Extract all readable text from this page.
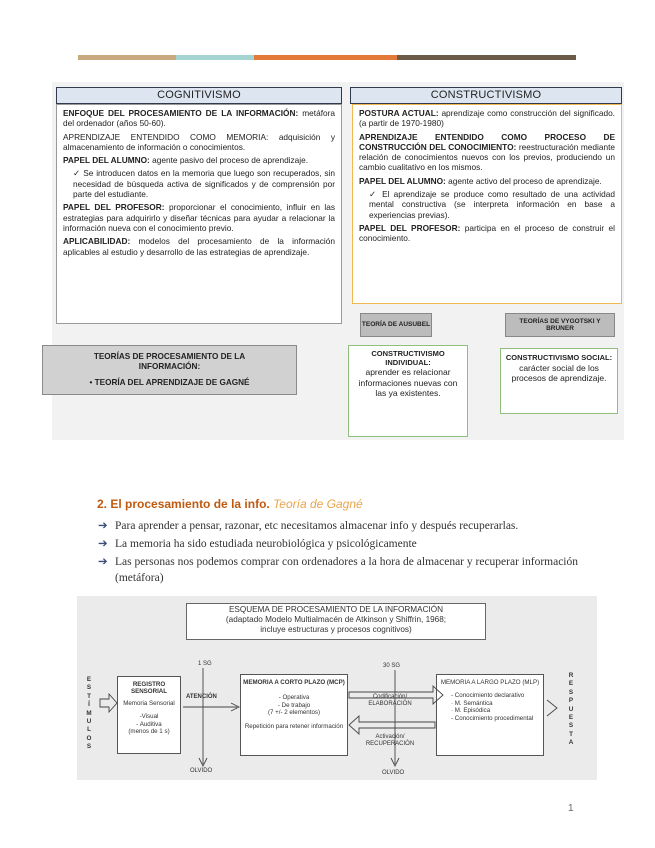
COGNITIVISMO

ENFOQUE DEL PROCESAMIENTO DE LA INFORMACIÓN: metáfora del ordenador (años 50-60).

APRENDIZAJE ENTENDIDO COMO MEMORIA: adquisición y almacenamiento de información o conocimientos.

PAPEL DEL ALUMNO: agente pasivo del proceso de aprendizaje.

✓ Se introducen datos en la memoria que luego son recuperados, sin necesidad de búsqueda activa de significados y de comprensión por parte del estudiante.

PAPEL DEL PROFESOR: proporcionar el conocimiento, influir en las estrategias para adquirirlo y diseñar técnicas para ayudar a relacionar la información nueva con el conocimiento previo.

APLICABILIDAD: modelos del procesamiento de la información aplicables al estudio y desarrollo de las estrategias de aprendizaje.

CONSTRUCTIVISMO

POSTURA ACTUAL: aprendizaje como construcción del significado. (a partir de 1970-1980)

APRENDIZAJE ENTENDIDO COMO PROCESO DE CONSTRUCCIÓN DEL CONOCIMIENTO: reestructuración mediante relación de conocimientos nuevos con los previos, produciendo un cambio cualitativo en los mismos.

PAPEL DEL ALUMNO: agente activo del proceso de aprendizaje.

✓ El aprendizaje se produce como resultado de una actividad mental constructiva (se interpreta información en base a experiencias previas).

PAPEL DEL PROFESOR: participa en el proceso de construir el conocimiento.

TEORÍA DE AUSUBEL
TEORÍAS DE VYGOTSKI Y BRUNER
TEORÍAS DE PROCESAMIENTO DE LA INFORMACIÓN:
• TEORÍA DEL APRENDIZAJE DE GAGNÉ
CONSTRUCTIVISMO INDIVIDUAL:
aprender es relacionar informaciones nuevas con las ya existentes.
CONSTRUCTIVISMO SOCIAL:
carácter social de los procesos de aprendizaje.
2. El procesamiento de la info. Teoría de Gagné
➔ Para aprender a pensar, razonar, etc necesitamos almacenar info y después recuperarlas.
➔ La memoria ha sido estudiada neurobiológica y psicológicamente
➔ Las personas nos podemos comprar con ordenadores a la hora de almacenar y recuperar información (metáfora)
ESQUEMA DE PROCESAMIENTO DE LA INFORMACIÓN
(adaptado Modelo Multialmacén de Atkinson y Shiffrin, 1968;
incluye estructuras y procesos cognitivos)
E
S
T
Í
M
U
L
O
S
R
E
S
P
U
E
S
T
A
REGISTRO SENSORIAL
Memoria Sensorial
-Visual
- Auditiva
(menos de 1 s)
1 SG
ATENCIÓN
OLVIDO
MEMORIA A CORTO PLAZO (MCP)
- Operativa
- De trabajo
(7 +/- 2 elementos)
Repetición para retener información
30 SG
Codificación/ ELABORACIÓN
Activación/ RECUPERACIÓN
OLVIDO
MEMORIA A LARGO PLAZO (MLP)
- Conocimiento declarativo
· M. Semántica
· M. Episódica
- Conocimiento procedimental
1
